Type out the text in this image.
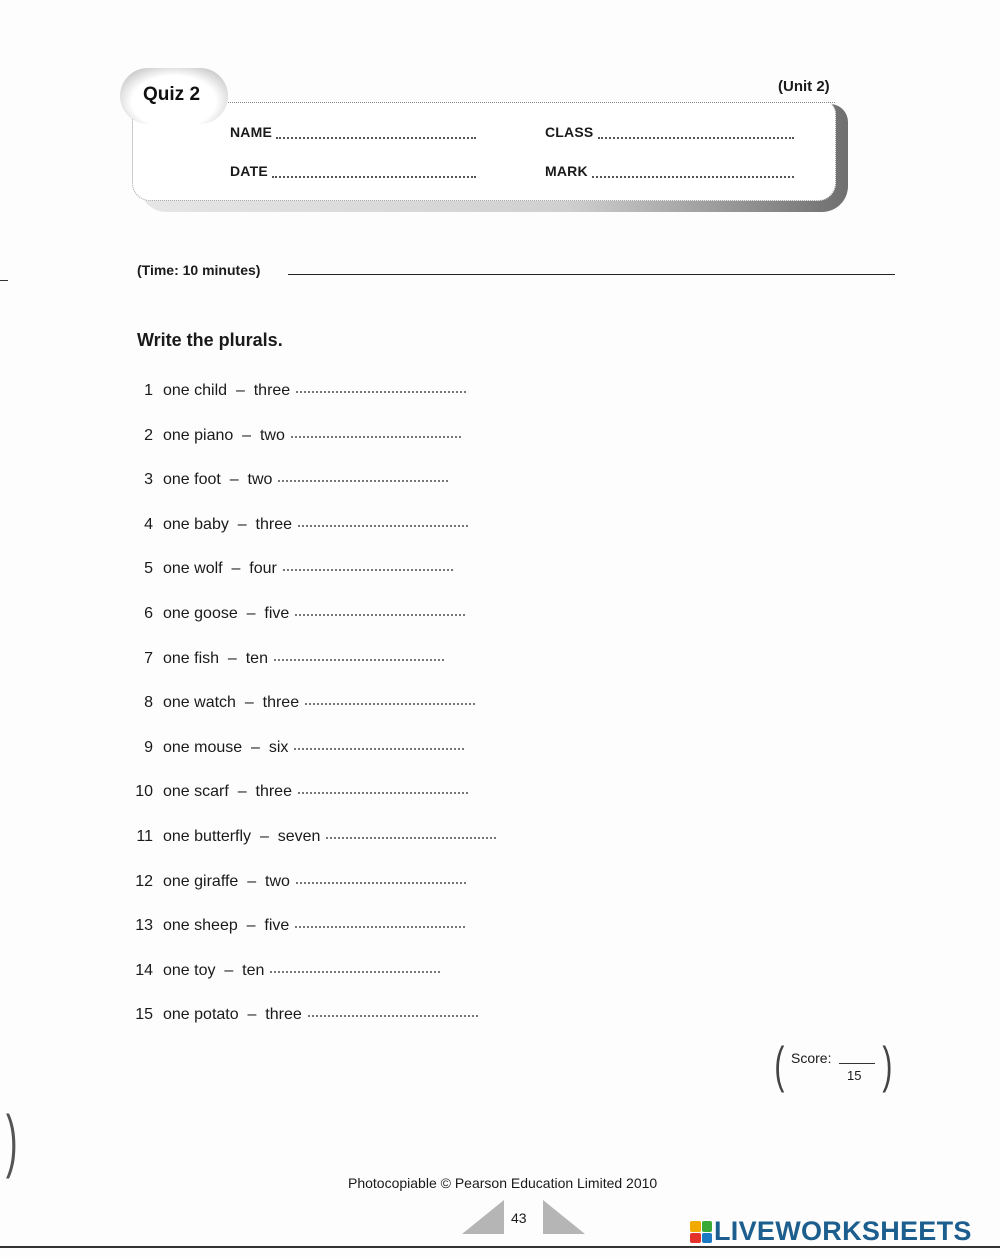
Quiz 2	(Unit 2)
NAME	CLASS
DATE	MARK
(Time: 10 minutes)
Write the plurals.
1 one child  –  three
2 one piano  –  two
3 one foot  –  two
4 one baby  –  three
5 one wolf  –  four
6 one goose  –  five
7 one fish  –  ten
8 one watch  –  three
9 one mouse  –  six
10 one scarf  –  three
11 one butterfly  –  seven
12 one giraffe  –  two
13 one sheep  –  five
14 one toy  –  ten
15 one potato  –  three
( Score:
15 )
Photocopiable © Pearson Education Limited 2010
43	LIVEWORKSHEETS
)
